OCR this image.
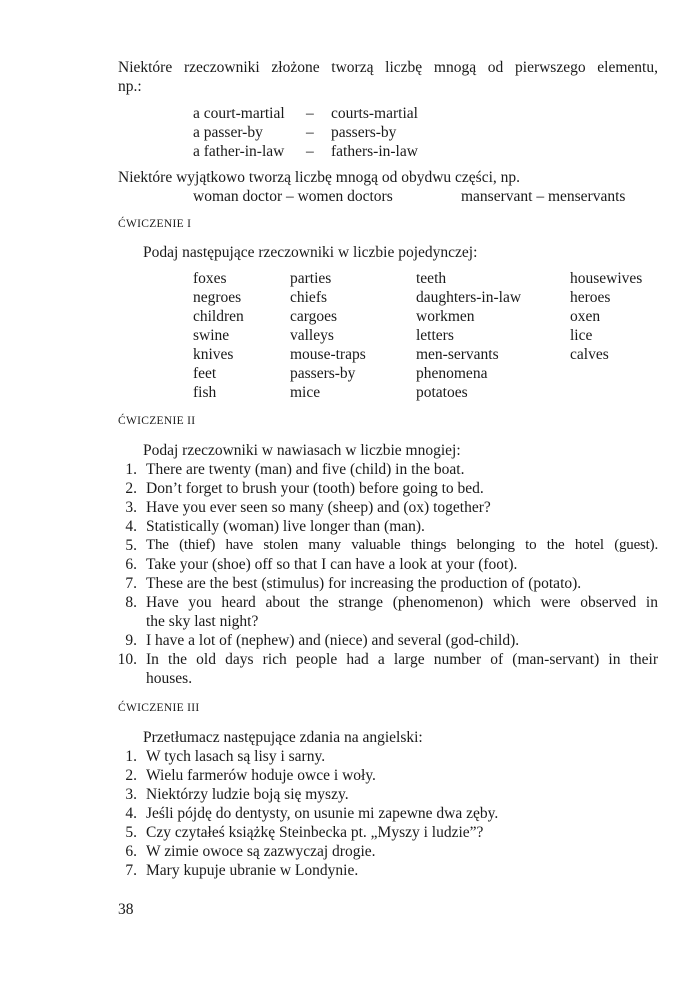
Niektóre rzeczowniki złożone tworzą liczbę mnogą od pierwszego elementu,
np.:
a court-martial – courts-martial
a passer-by	– passers-by
a father-in-law – fathers-in-law
Niektóre wyjątkowo tworzą liczbę mnogą od obydwu części, np.
woman doctor – women doctors	manservant – menservants
ĆWICZENIE I
Podaj następujące rzeczowniki w liczbie pojedynczej:
foxes
negroes
children
swine
knives
feet
fish
parties
chiefs
cargoes
valleys
mouse-traps
passers-by
mice
teeth
daughters-in-law
workmen
letters
men-servants
phenomena
potatoes
housewives
heroes
oxen
lice
calves
ĆWICZENIE II
Podaj rzeczowniki w nawiasach w liczbie mnogiej:
1. There are twenty (man) and five (child) in the boat.
2. Don’t forget to brush your (tooth) before going to bed.
3. Have you ever seen so many (sheep) and (ox) together?
4. Statistically (woman) live longer than (man).
5. The (thief) have stolen many valuable things belonging to the hotel (guest).
6. Take your (shoe) off so that I can have a look at your (foot).
7. These are the best (stimulus) for increasing the production of (potato).
8. Have you heard about the strange (phenomenon) which were observed in
the sky last night?
9. I have a lot of (nephew) and (niece) and several (god-child).
10. In the old days rich people had a large number of (man-servant) in their
houses.
ĆWICZENIE III
Przetłumacz następujące zdania na angielski:
1. W tych lasach są lisy i sarny.
2. Wielu farmerów hoduje owce i woły.
3. Niektórzy ludzie boją się myszy.
4. Jeśli pójdę do dentysty, on usunie mi zapewne dwa zęby.
5. Czy czytałeś książkę Steinbecka pt. „Myszy i ludzie”?
6. W zimie owoce są zazwyczaj drogie.
7. Mary kupuje ubranie w Londynie.
38
